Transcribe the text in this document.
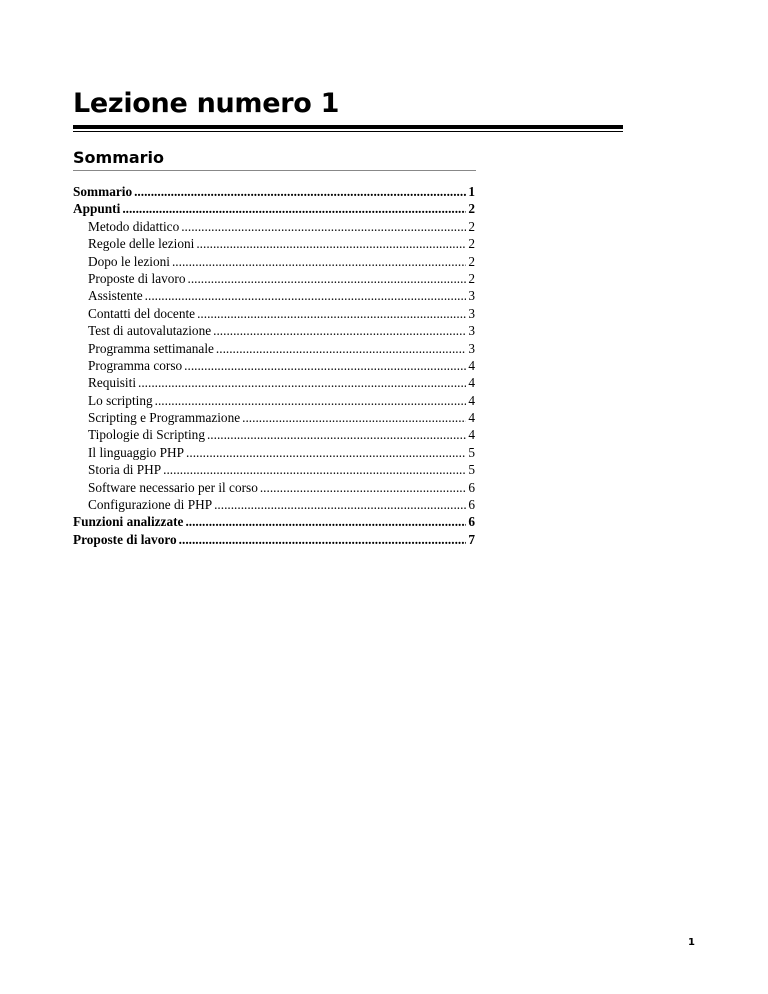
Lezione numero 1
Sommario
Sommario .....	1
Appunti .....	2
Metodo didattico .....	2
Regole delle lezioni .....	2
Dopo le lezioni .....	2
Proposte di lavoro .....	2
Assistente .....	3
Contatti del docente .....	3
Test di autovalutazione .....	3
Programma settimanale .....	3
Programma corso .....	4
Requisiti .....	4
Lo scripting .....	4
Scripting e Programmazione .....	4
Tipologie di Scripting .....	4
Il linguaggio PHP .....	5
Storia di PHP .....	5
Software necessario per il corso .....	6
Configurazione di PHP .....	6
Funzioni analizzate .....	6
Proposte di lavoro .....	7
1
